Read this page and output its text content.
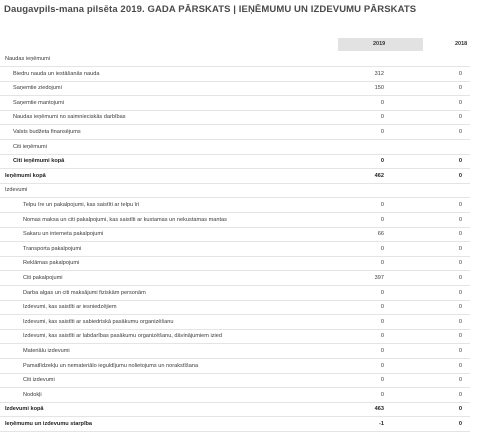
Daugavpils-mana pilsēta 2019. GADA PĀRSKATS | IEŅĒMUMU UN IZDEVUMU PĀRSKATS
2019	2018
Naudas ieņēmumi
Biedru nauda un iestāšanās nauda	312	0
Saņemtie ziedojumi	150	0
Saņemtie mantojumi	0	0
Naudas ieņēmumi no saimnieciskās darbības	0	0
Valsts budžeta finansējums	0	0
Citi ieņēmumi
Citi ieņēmumi kopā	0	0
Ieņēmumi kopā	462	0
Izdevumi
Telpu īre un pakalpojumi, kas saistīti ar telpu īri	0	0
Nomas maksa un citi pakalpojumi, kas saistīti ar kustamas un nekustamas mantas	0	0
Sakaru un interneta pakalpojumi	66	0
Transporta pakalpojumi	0	0
Reklāmas pakalpojumi	0	0
Citi pakalpojumi	397	0
Darba algas un citi maksājumi fiziskām personām	0	0
Izdevumi, kas saistīti ar iesniedzējiem	0	0
Izdevumi, kas saistīti ar sabiedriskā pasākumu organizēšanu	0	0
Izdevumi, kas saistīti ar labdarības pasākumu organizēšanu, dāvinājumiem izied	0	0
Materiālu izdevumi	0	0
Pamatlīdzekļu un nemateriālo ieguldījumu nolietojums un norakstīšana	0	0
Citi izdevumi	0	0
Nodokļi	0	0
Izdevumi kopā	463	0
Ieņēmumu un izdevumu starpība	-1	0
